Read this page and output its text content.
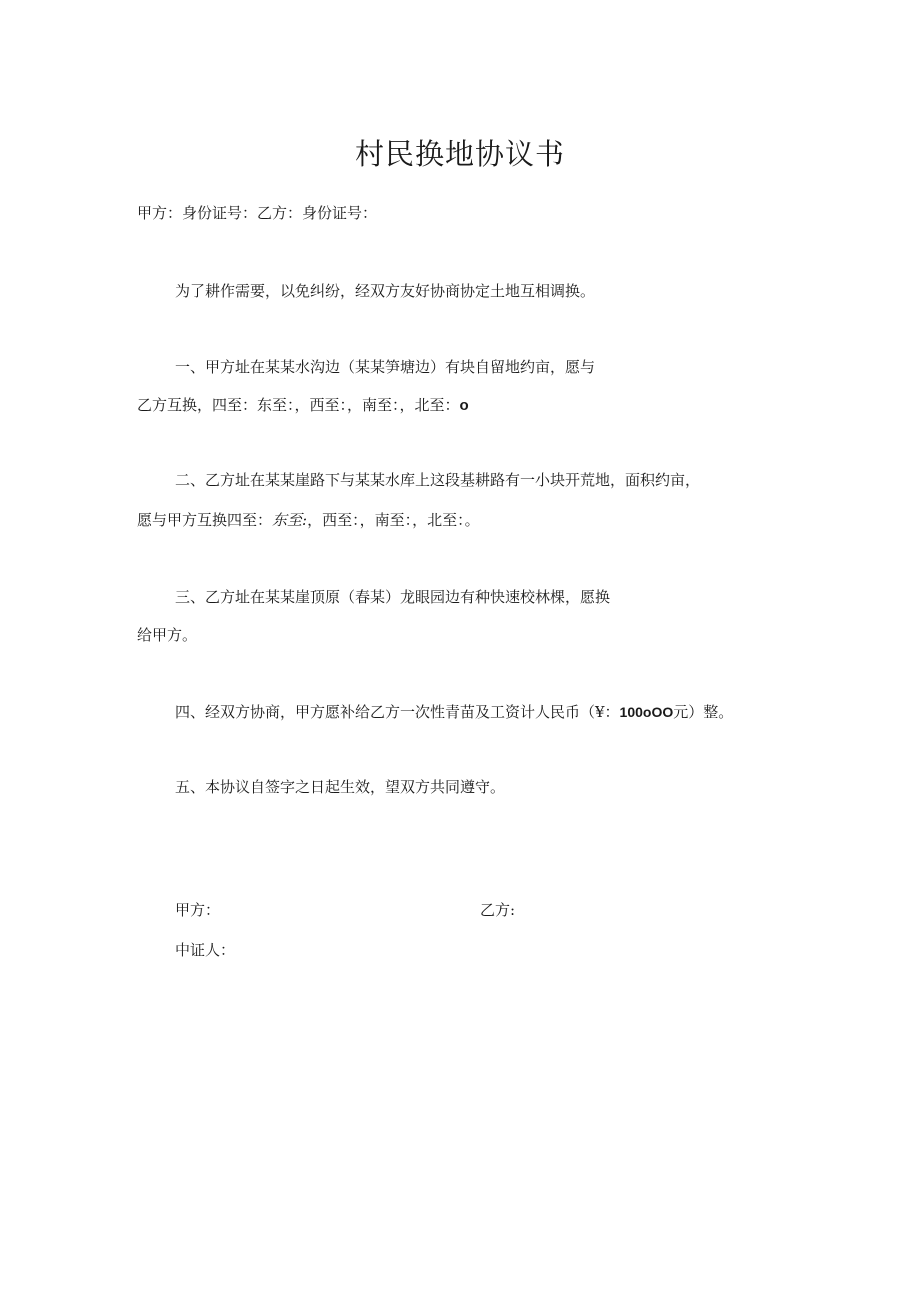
村民换地协议书
甲方：身份证号：乙方：身份证号：
为了耕作需要，以免纠纷，经双方友好协商协定土地互相调换。
一、甲方址在某某水沟边（某某笋塘边）有块自留地约亩，愿与
乙方互换，四至：东至：，西至：，南至：，北至：o
二、乙方址在某某崖路下与某某水库上这段基耕路有一小块开荒地，面积约亩，
愿与甲方互换四至：东至:，西至：，南至：，北至：。
三、乙方址在某某崖顶原（春某）龙眼园边有种快速校林棵，愿换
给甲方。
四、经双方协商，甲方愿补给乙方一次性青苗及工资计人民币（¥：100oOO元）整。
五、本协议自签字之日起生效，望双方共同遵守。
甲方：	乙方:
中证人：
